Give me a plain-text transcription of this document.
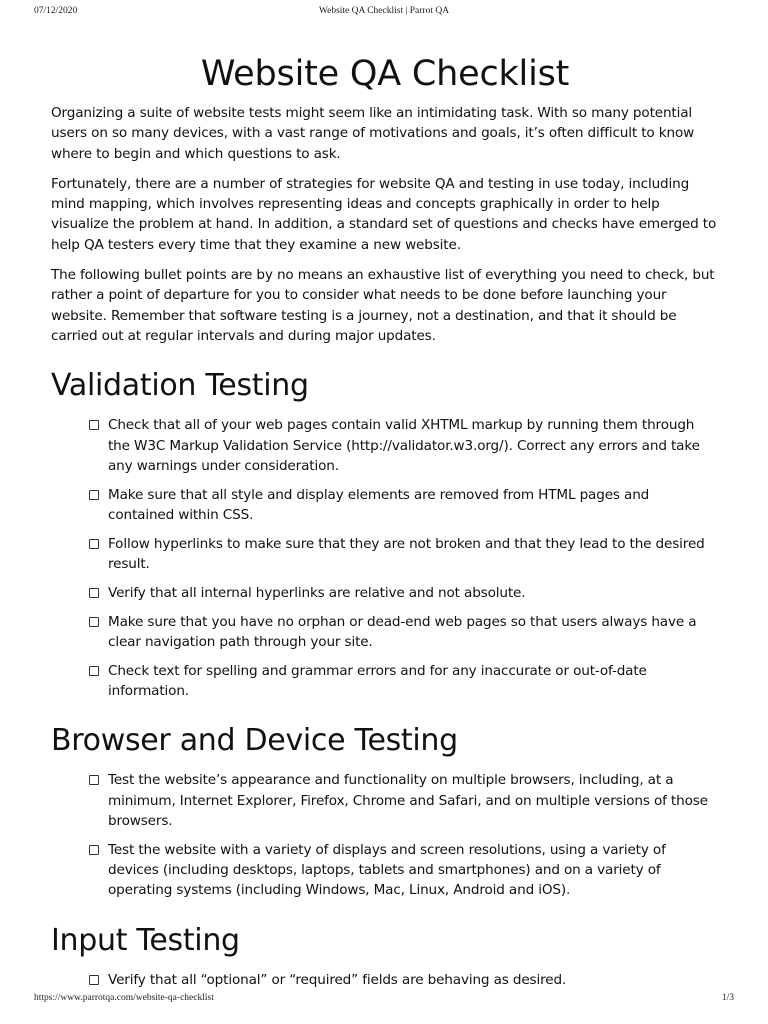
07/12/2020	Website QA Checklist | Parrot QA
Website QA Checklist

Organizing a suite of website tests might seem like an intimidating task. With so many potential users on so many devices, with a vast range of motivations and goals, it’s often difficult to know where to begin and which questions to ask.

Fortunately, there are a number of strategies for website QA and testing in use today, including mind mapping, which involves representing ideas and concepts graphically in order to help visualize the problem at hand. In addition, a standard set of questions and checks have emerged to help QA testers every time that they examine a new website.

The following bullet points are by no means an exhaustive list of everything you need to check, but rather a point of departure for you to consider what needs to be done before launching your website. Remember that software testing is a journey, not a destination, and that it should be carried out at regular intervals and during major updates.

Validation Testing
Check that all of your web pages contain valid XHTML markup by running them through the W3C Markup Validation Service (http://validator.w3.org/). Correct any errors and take any warnings under consideration.
Make sure that all style and display elements are removed from HTML pages and contained within CSS.
Follow hyperlinks to make sure that they are not broken and that they lead to the desired result.
Verify that all internal hyperlinks are relative and not absolute.
Make sure that you have no orphan or dead-end web pages so that users always have a clear navigation path through your site.
Check text for spelling and grammar errors and for any inaccurate or out-of-date information.
Browser and Device Testing
Test the website’s appearance and functionality on multiple browsers, including, at a minimum, Internet Explorer, Firefox, Chrome and Safari, and on multiple versions of those browsers.
Test the website with a variety of displays and screen resolutions, using a variety of devices (including desktops, laptops, tablets and smartphones) and on a variety of operating systems (including Windows, Mac, Linux, Android and iOS).
Input Testing
Verify that all “optional” or “required” fields are behaving as desired.
https://www.parrotqa.com/website-qa-checklist	1/3
